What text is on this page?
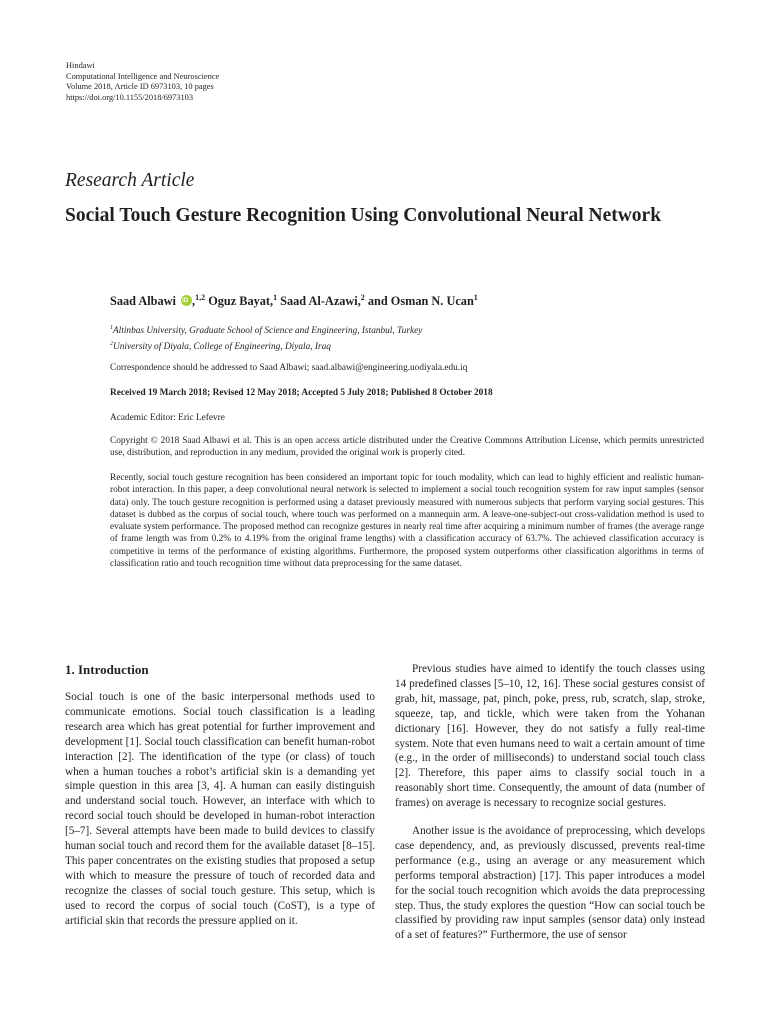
Hindawi
Computational Intelligence and Neuroscience
Volume 2018, Article ID 6973103, 10 pages
https://doi.org/10.1155/2018/6973103
Research Article
Social Touch Gesture Recognition Using Convolutional Neural Network
Saad Albawi iD ,$^{1,2}$ Oguz Bayat,$^1$ Saad Al-Azawi,$^2$ and Osman N. Ucan$^1$
$^1$Altinbas University, Graduate School of Science and Engineering, Istanbul, Turkey
$^2$University of Diyala, College of Engineering, Diyala, Iraq
Correspondence should be addressed to Saad Albawi; saad.albawi@engineering.uodiyala.edu.iq
Received 19 March 2018; Revised 12 May 2018; Accepted 5 July 2018; Published 8 October 2018
Academic Editor: Eric Lefevre

Copyright © 2018 Saad Albawi et al. This is an open access article distributed under the Creative Commons Attribution License, which permits unrestricted use, distribution, and reproduction in any medium, provided the original work is properly cited.

Recently, social touch gesture recognition has been considered an important topic for touch modality, which can lead to highly efficient and realistic human-robot interaction. In this paper, a deep convolutional neural network is selected to implement a social touch recognition system for raw input samples (sensor data) only. The touch gesture recognition is performed using a dataset previously measured with numerous subjects that perform varying social gestures. This dataset is dubbed as the corpus of social touch, where touch was performed on a mannequin arm. A leave-one-subject-out cross-validation method is used to evaluate system performance. The proposed method can recognize gestures in nearly real time after acquiring a minimum number of frames (the average range of frame length was from 0.2% to 4.19% from the original frame lengths) with a classification accuracy of 63.7%. The achieved classification accuracy is competitive in terms of the performance of existing algorithms. Furthermore, the proposed system outperforms other classification algorithms in terms of classification ratio and touch recognition time without data preprocessing for the same dataset.

1. Introduction

Social touch is one of the basic interpersonal methods used to communicate emotions. Social touch classification is a leading research area which has great potential for further improvement and development [1]. Social touch classification can benefit human-robot interaction [2]. The identification of the type (or class) of touch when a human touches a robot’s artificial skin is a demanding yet simple question in this area [3, 4]. A human can easily distinguish and understand social touch. However, an interface with which to record social touch should be developed in human-robot interaction [5–7]. Several attempts have been made to build devices to classify human social touch and record them for the available dataset [8–15]. This paper concentrates on the existing studies that proposed a setup with which to measure the pressure of touch of recorded data and recognize the classes of social touch gesture. This setup, which is used to record the corpus of social touch (CoST), is a type of artificial skin that records the pressure applied on it.

Previous studies have aimed to identify the touch classes using 14 predefined classes [5–10, 12, 16]. These social gestures consist of grab, hit, massage, pat, pinch, poke, press, rub, scratch, slap, stroke, squeeze, tap, and tickle, which were taken from the Yohanan dictionary [16]. However, they do not satisfy a fully real-time system. Note that even humans need to wait a certain amount of time (e.g., in the order of milliseconds) to understand social touch class [2]. Therefore, this paper aims to classify social touch in a reasonably short time. Consequently, the amount of data (number of frames) on average is necessary to recognize social gestures.

Another issue is the avoidance of preprocessing, which develops case dependency, and, as previously discussed, prevents real-time performance (e.g., using an average or any measurement which performs temporal abstraction) [17]. This paper introduces a model for the social touch recognition which avoids the data preprocessing step. Thus, the study explores the question “How can social touch be classified by providing raw input samples (sensor data) only instead of a set of features?” Furthermore, the use of sensor
